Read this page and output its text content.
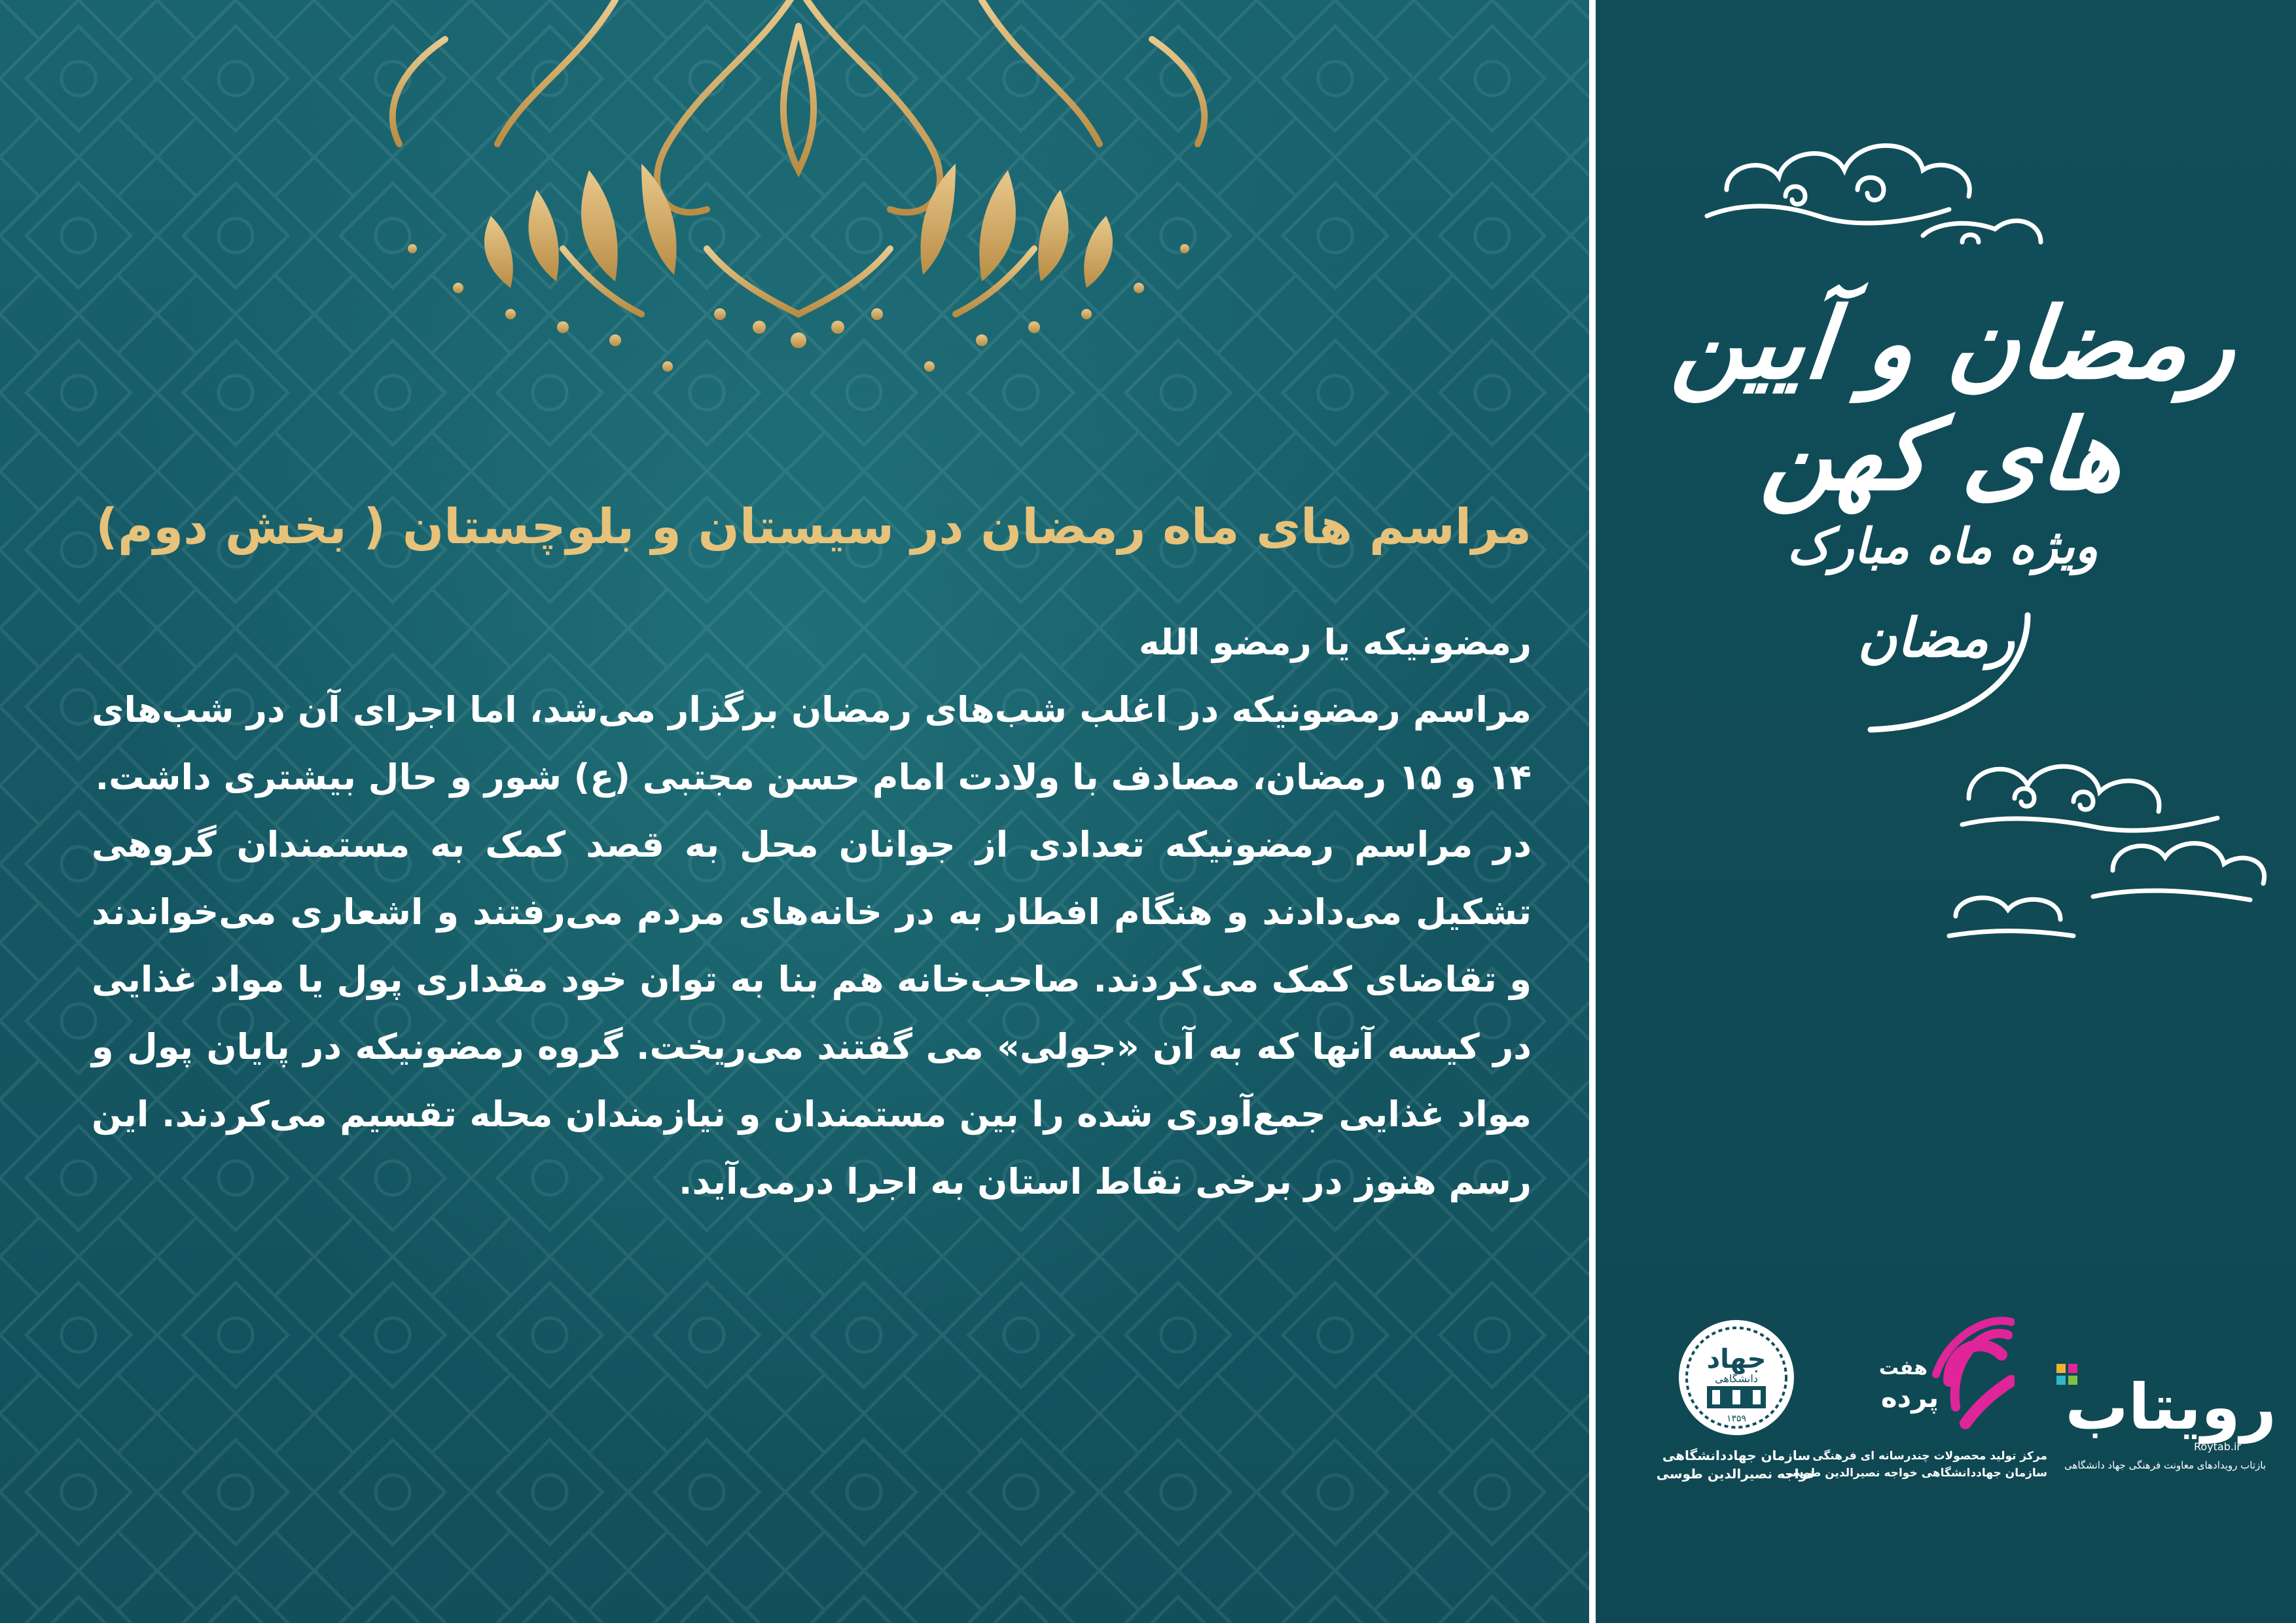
مراسم های ماه رمضان در سیستان و بلوچستان ( بخش دوم)

رمضونیکه یا رمضو الله

مراسم رمضونیکه در اغلب شب‌های رمضان برگزار می‌شد، اما اجرای آن در شب‌های ۱۴ و ۱۵ رمضان، مصادف با ولادت امام حسن مجتبی (ع) شور و حال بیشتری داشت.

در مراسم رمضونیکه تعدادی از جوانان محل به قصد کمک به مستمندان گروهی تشکیل می‌دادند و هنگام افطار به در خانه‌های مردم می‌رفتند و اشعاری می‌خواندند و تقاضای کمک می‌کردند. صاحب‌خانه هم بنا به توان خود مقداری پول یا مواد غذایی در کیسه آنها که به آن «جولی» می گفتند می‌ریخت. گروه رمضونیکه در پایان پول و مواد غذایی جمع‌آوری شده را بین مستمندان و نیازمندان محله تقسیم می‌کردند. این رسم هنوز در برخی نقاط استان به اجرا درمی‌آید.

رمضان و آیین های کهن
ویژه ماه مبارک
رمضان
جهاد
دانشگاهی
۱۳۵۹
سازمان جهاددانشگاهی
خواجه نصیرالدین طوسی
هفت
پرده
مرکز تولید محصولات چندرسانه ای فرهنگی
سازمان جهاددانشگاهی خواجه نصیرالدین طوسی
رویتاب
Roytab.ir
بازتاب رویدادهای معاونت فرهنگی جهاد دانشگاهی
